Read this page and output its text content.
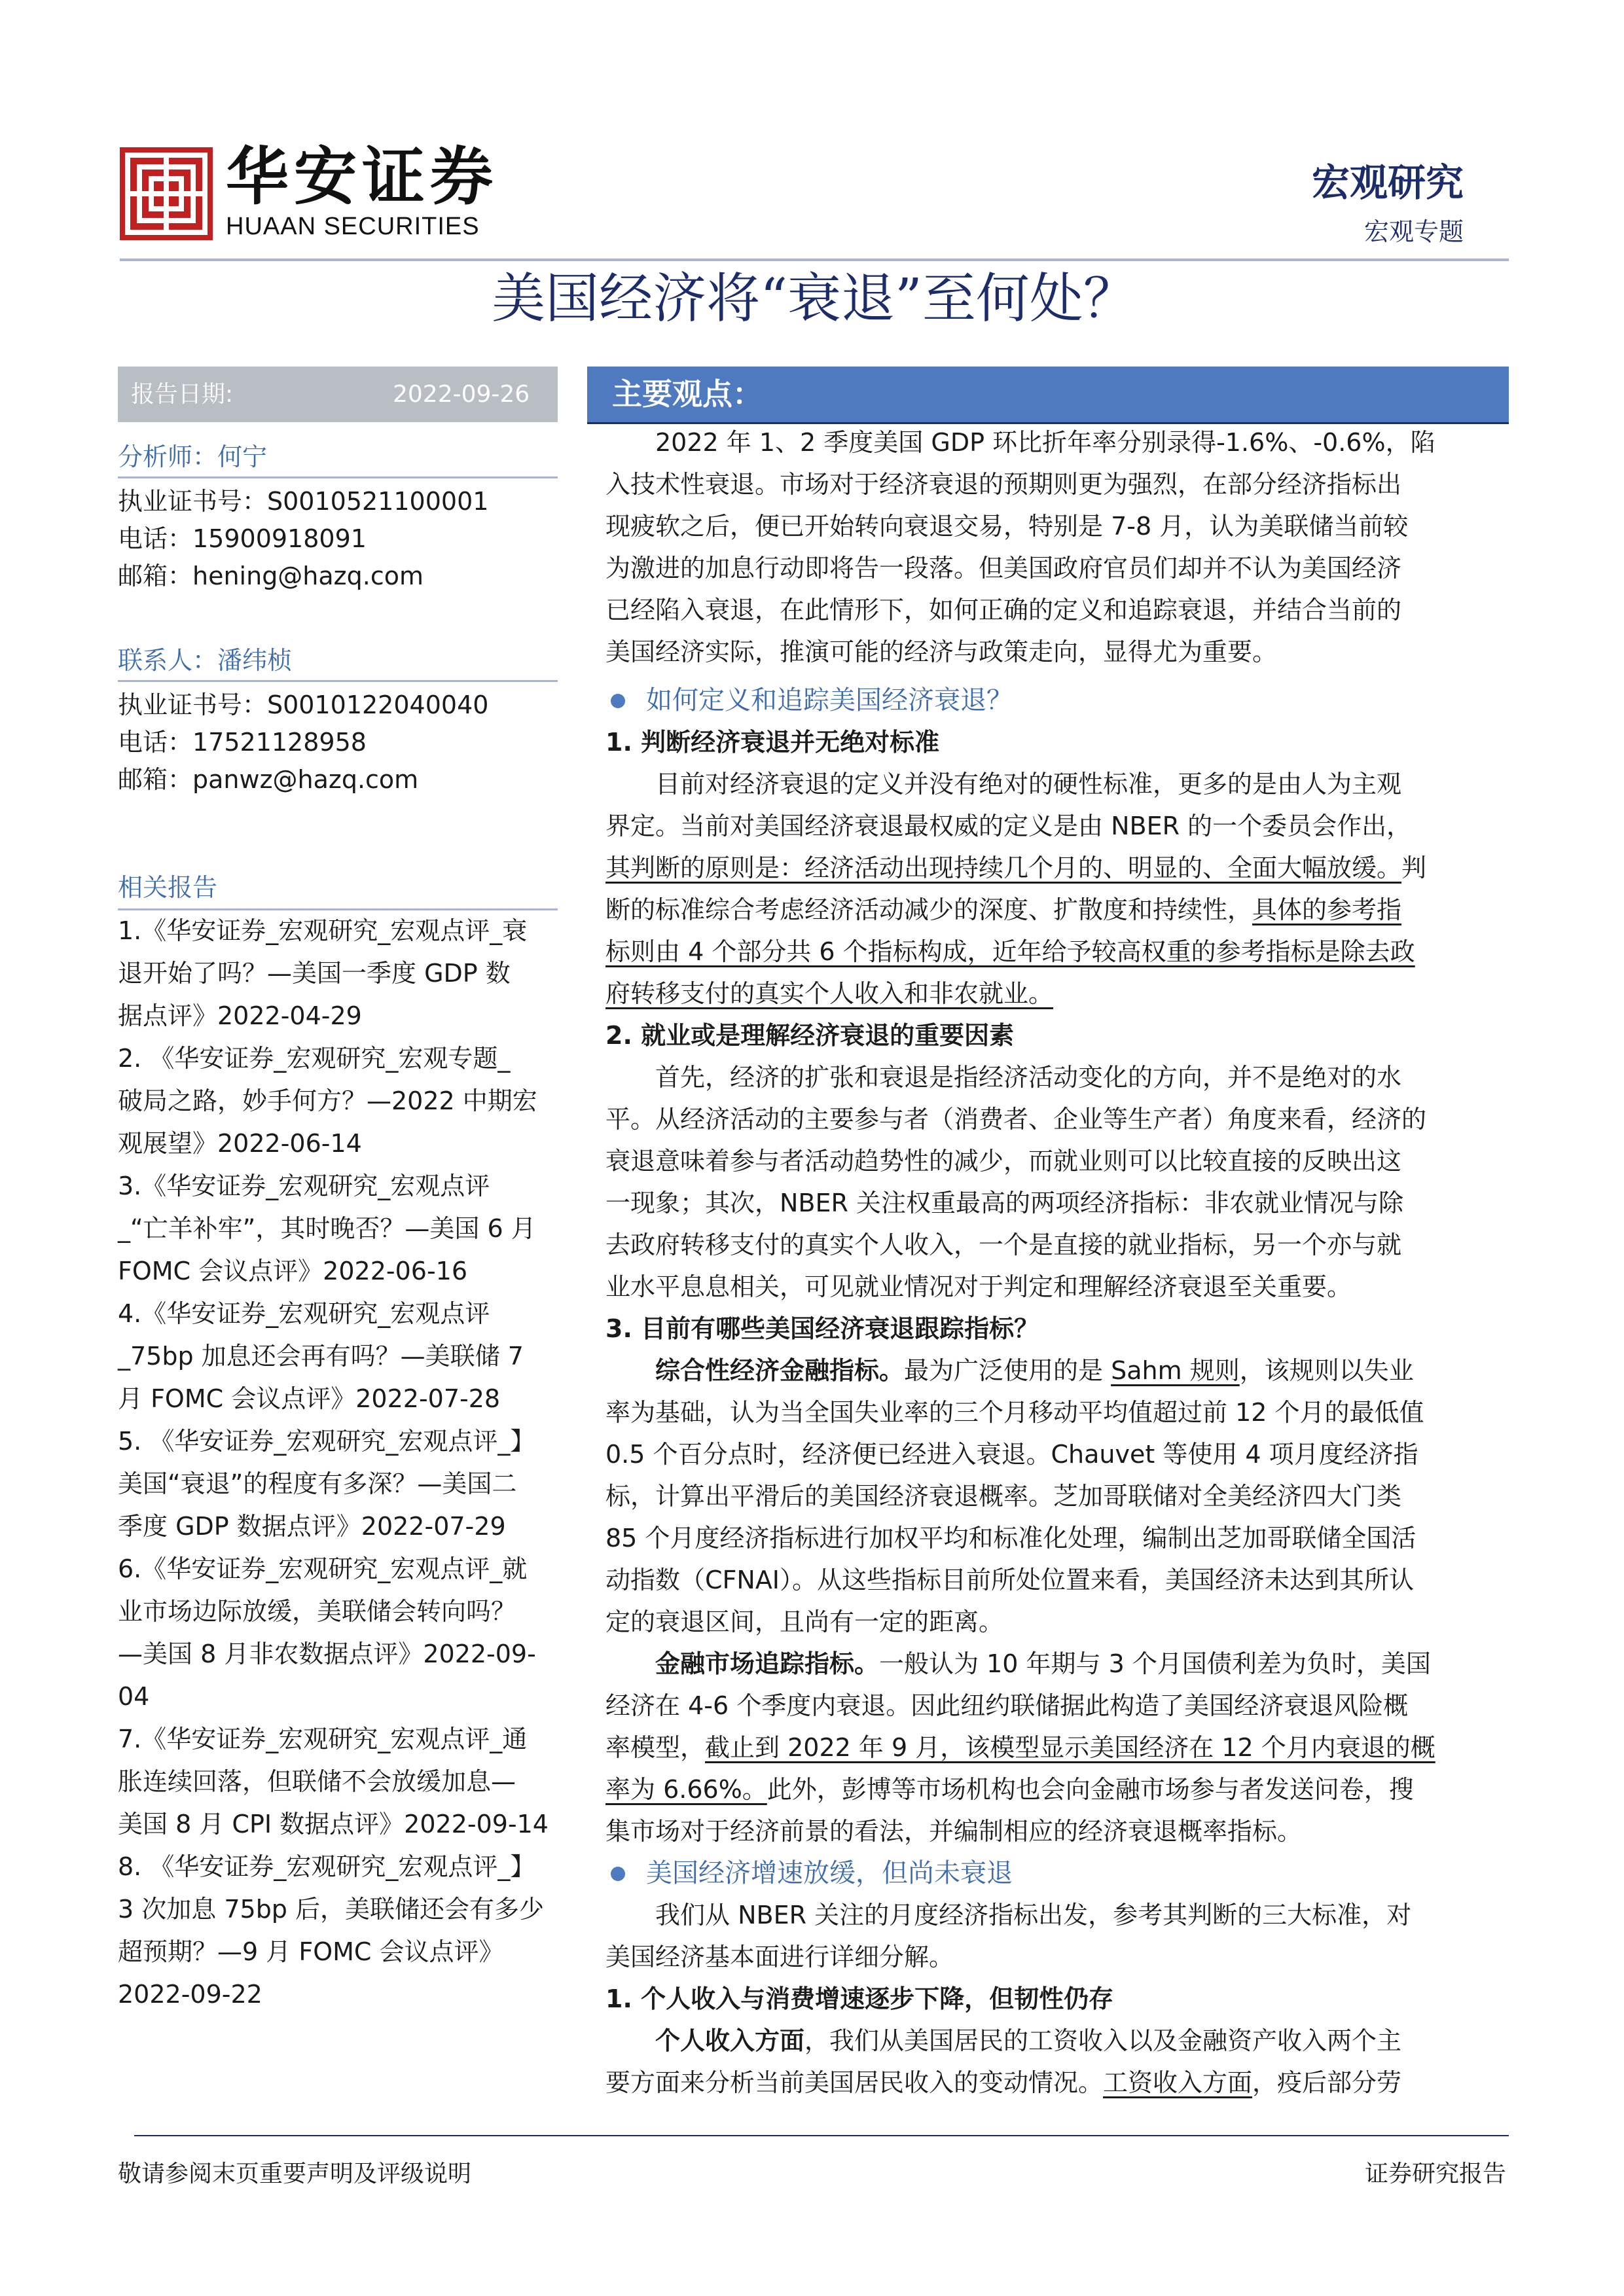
华安证券
HUAAN SECURITIES
宏观研究
宏观专题
美国经济将“衰退”至何处？
报告日期:	2022-09-26
分析师：何宁
执业证书号：S0010521100001
电话：15900918091
邮箱：hening@hazq.com
联系人：潘纬桢
执业证书号：S0010122040040
电话：17521128958
邮箱：panwz@hazq.com
相关报告
1.《华安证券_宏观研究_宏观点评_衰
退开始了吗？—美国一季度 GDP 数
据点评》2022-04-29
2. 《华安证券_宏观研究_宏观专题_
破局之路，妙手何方？—2022 中期宏
观展望》2022-06-14
3.《华安证券_宏观研究_宏观点评
_“亡羊补牢”，其时晚否？—美国 6 月
FOMC 会议点评》2022-06-16
4.《华安证券_宏观研究_宏观点评
_75bp 加息还会再有吗？—美联储 7
月 FOMC 会议点评》2022-07-28
5. 《华安证券_宏观研究_宏观点评_】
美国“衰退”的程度有多深？—美国二
季度 GDP 数据点评》2022-07-29
6.《华安证券_宏观研究_宏观点评_就
业市场边际放缓，美联储会转向吗？
—美国 8 月非农数据点评》2022-09-
04
7.《华安证券_宏观研究_宏观点评_通
胀连续回落，但联储不会放缓加息—
美国 8 月 CPI 数据点评》2022-09-14
8. 《华安证券_宏观研究_宏观点评_】
3 次加息 75bp 后，美联储还会有多少
超预期？—9 月 FOMC 会议点评》
2022-09-22
主要观点：
2022 年 1、2 季度美国 GDP 环比折年率分别录得-1.6%、-0.6%，陷
入技术性衰退。市场对于经济衰退的预期则更为强烈，在部分经济指标出
现疲软之后，便已开始转向衰退交易，特别是 7-8 月，认为美联储当前较
为激进的加息行动即将告一段落。但美国政府官员们却并不认为美国经济
已经陷入衰退，在此情形下，如何正确的定义和追踪衰退，并结合当前的
美国经济实际，推演可能的经济与政策走向，显得尤为重要。
如何定义和追踪美国经济衰退？
1. 判断经济衰退并无绝对标准
目前对经济衰退的定义并没有绝对的硬性标准，更多的是由人为主观
界定。当前对美国经济衰退最权威的定义是由 NBER 的一个委员会作出，
其判断的原则是：经济活动出现持续几个月的、明显的、全面大幅放缓。判
断的标准综合考虑经济活动减少的深度、扩散度和持续性，具体的参考指
标则由 4 个部分共 6 个指标构成，近年给予较高权重的参考指标是除去政
府转移支付的真实个人收入和非农就业。
2. 就业或是理解经济衰退的重要因素
首先，经济的扩张和衰退是指经济活动变化的方向，并不是绝对的水
平。从经济活动的主要参与者（消费者、企业等生产者）角度来看，经济的
衰退意味着参与者活动趋势性的减少，而就业则可以比较直接的反映出这
一现象；其次，NBER 关注权重最高的两项经济指标：非农就业情况与除
去政府转移支付的真实个人收入，一个是直接的就业指标，另一个亦与就
业水平息息相关，可见就业情况对于判定和理解经济衰退至关重要。
3. 目前有哪些美国经济衰退跟踪指标？
综合性经济金融指标。最为广泛使用的是 Sahm 规则，该规则以失业
率为基础，认为当全国失业率的三个月移动平均值超过前 12 个月的最低值
0.5 个百分点时，经济便已经进入衰退。Chauvet 等使用 4 项月度经济指
标，计算出平滑后的美国经济衰退概率。芝加哥联储对全美经济四大门类
85 个月度经济指标进行加权平均和标准化处理，编制出芝加哥联储全国活
动指数（CFNAI）。从这些指标目前所处位置来看，美国经济未达到其所认
定的衰退区间，且尚有一定的距离。
金融市场追踪指标。一般认为 10 年期与 3 个月国债利差为负时，美国
经济在 4-6 个季度内衰退。因此纽约联储据此构造了美国经济衰退风险概
率模型，截止到 2022 年 9 月，该模型显示美国经济在 12 个月内衰退的概
率为 6.66%。此外，彭博等市场机构也会向金融市场参与者发送问卷，搜
集市场对于经济前景的看法，并编制相应的经济衰退概率指标。
美国经济增速放缓，但尚未衰退
我们从 NBER 关注的月度经济指标出发，参考其判断的三大标准，对
美国经济基本面进行详细分解。
1. 个人收入与消费增速逐步下降，但韧性仍存
个人收入方面，我们从美国居民的工资收入以及金融资产收入两个主
要方面来分析当前美国居民收入的变动情况。工资收入方面，疫后部分劳
敬请参阅末页重要声明及评级说明	证券研究报告
